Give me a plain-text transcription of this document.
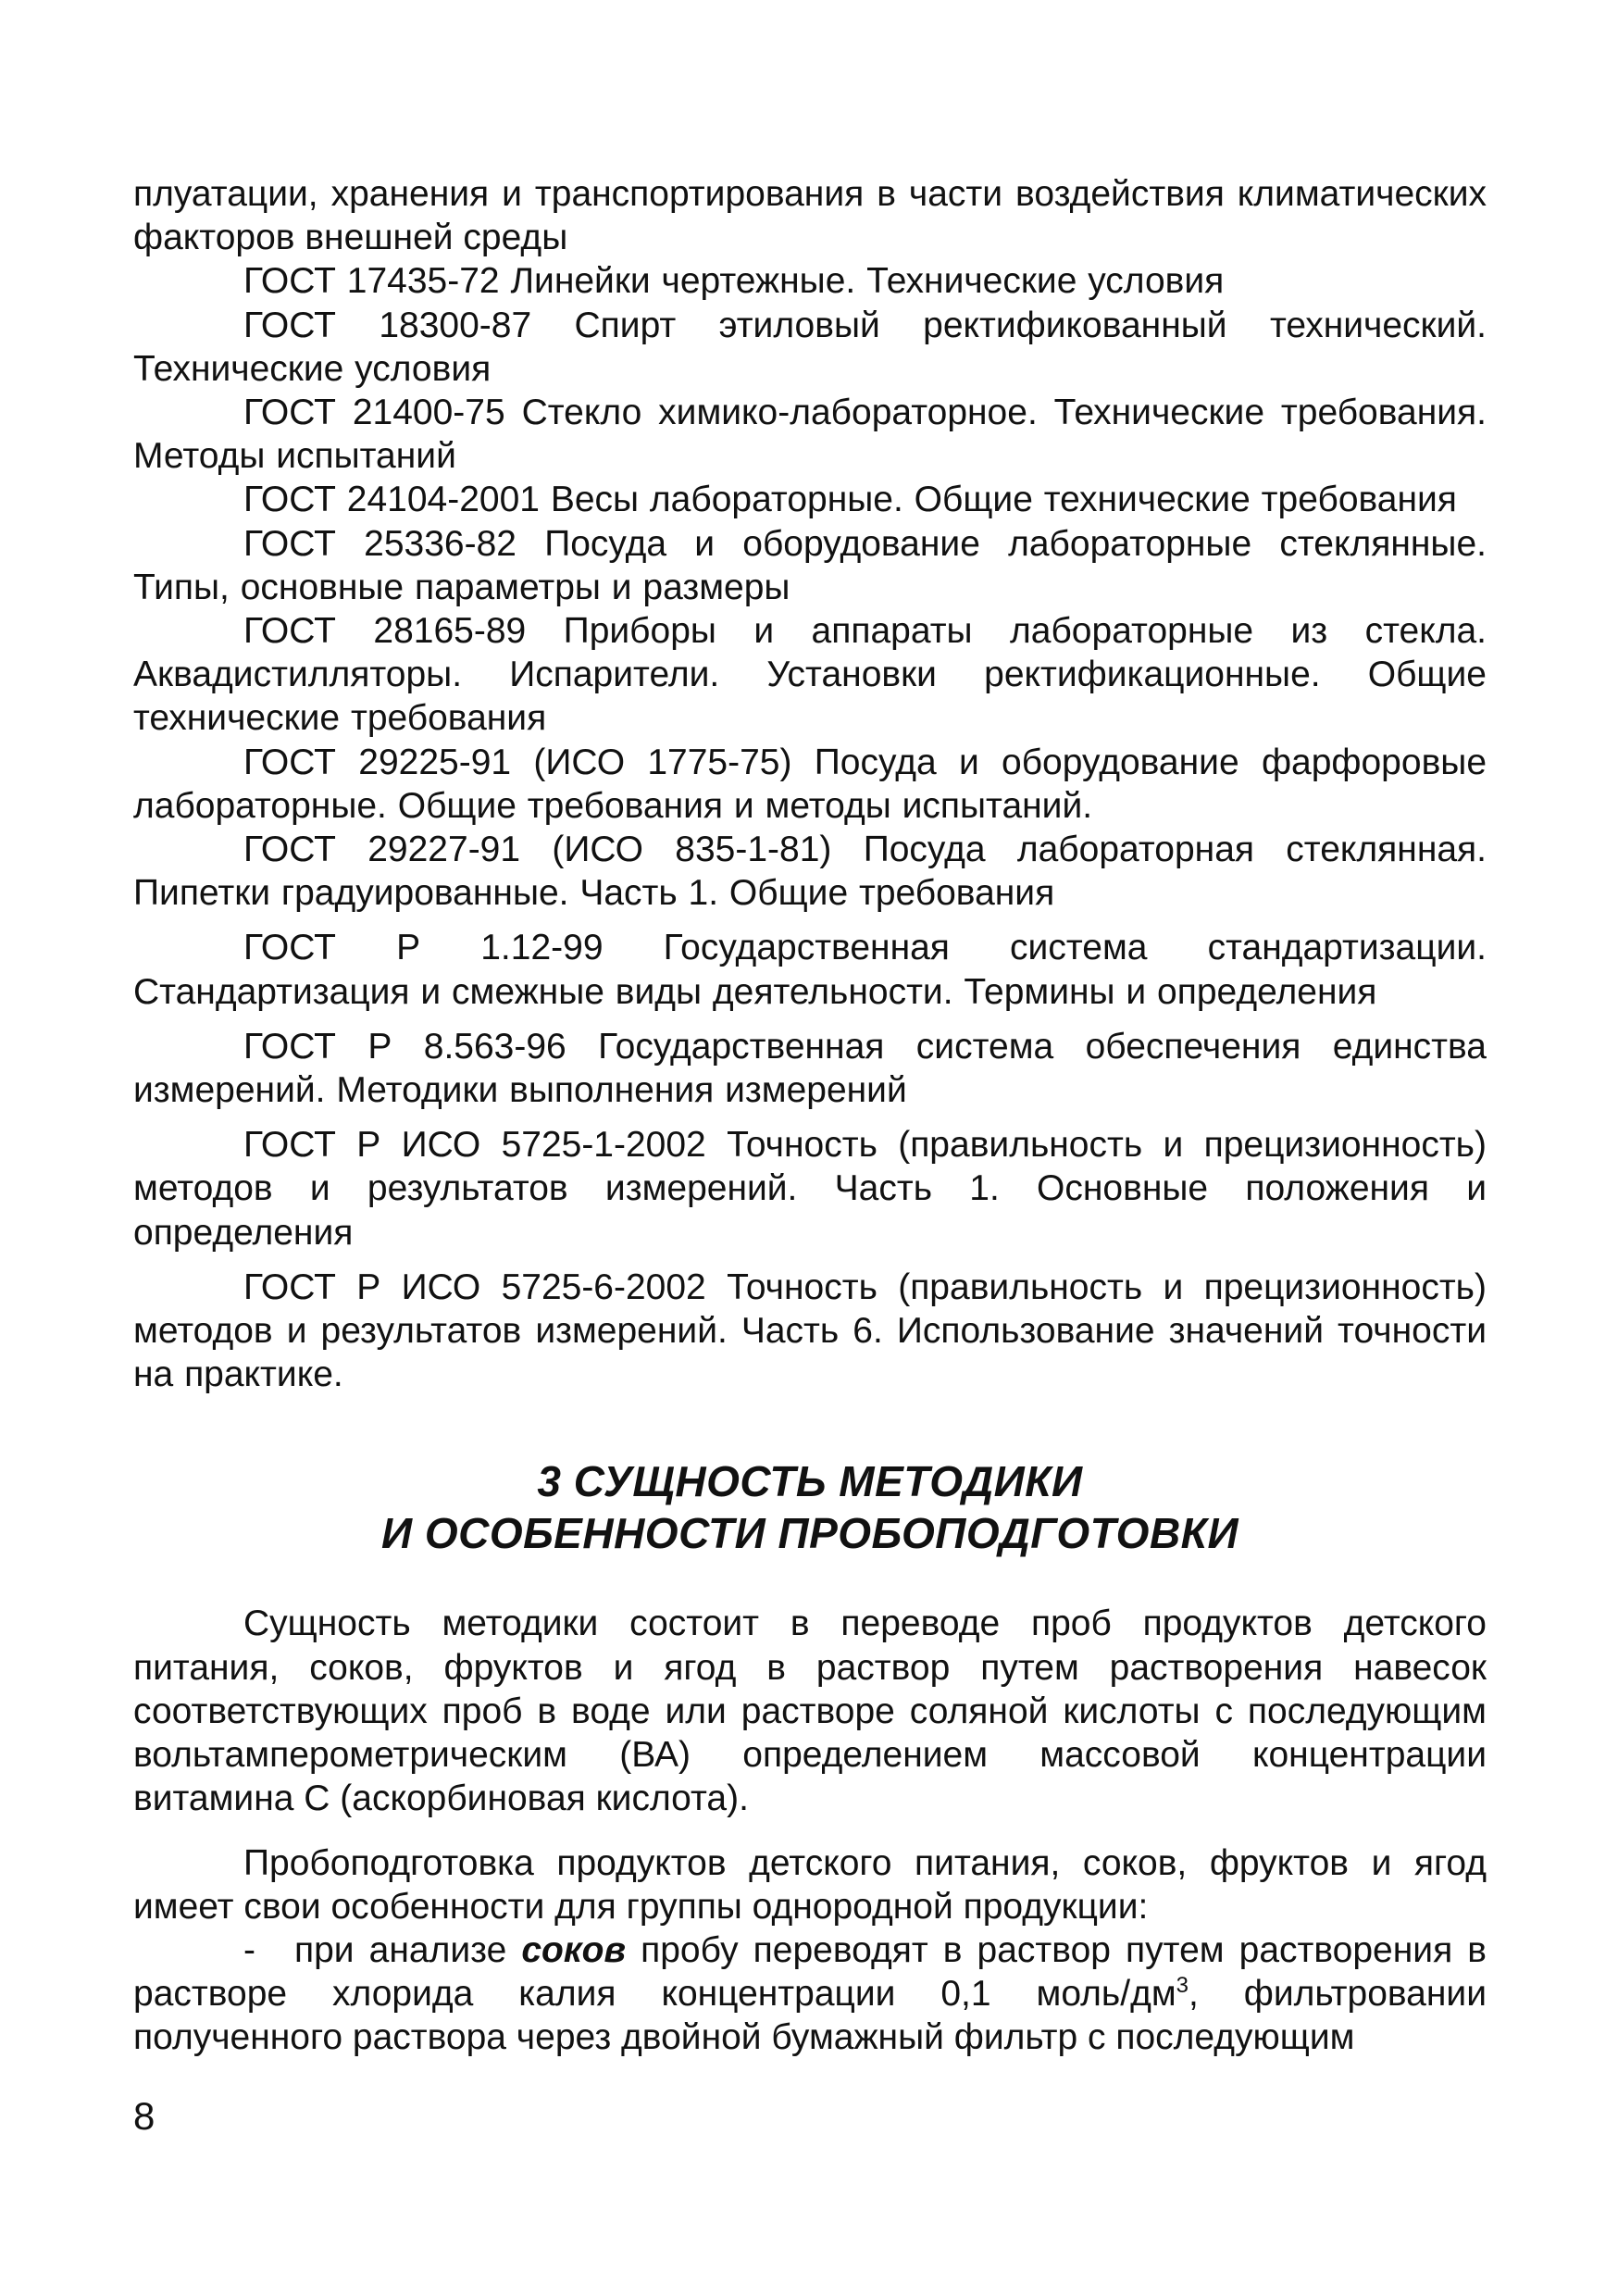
плуатации, хранения и транспортирования в части воздействия климатических факторов внешней среды

ГОСТ 17435-72 Линейки чертежные. Технические условия

ГОСТ 18300-87 Спирт этиловый ректификованный технический. Технические условия

ГОСТ 21400-75 Стекло химико-лабораторное. Технические требования. Методы испытаний

ГОСТ 24104-2001 Весы лабораторные. Общие технические требования

ГОСТ 25336-82 Посуда и оборудование лабораторные стеклянные. Типы, основные параметры и размеры

ГОСТ 28165-89 Приборы и аппараты лабораторные из стекла. Аквадистилляторы. Испарители. Установки ректификационные. Общие технические требования

ГОСТ 29225-91 (ИСО 1775-75) Посуда и оборудование фарфоровые лабораторные. Общие требования и методы испытаний.

ГОСТ 29227-91 (ИСО 835-1-81) Посуда лабораторная стеклянная. Пипетки градуированные. Часть 1. Общие требования

ГОСТ Р 1.12-99 Государственная система стандартизации. Стандартизация и смежные виды деятельности. Термины и определения

ГОСТ Р 8.563-96 Государственная система обеспечения единства измерений. Методики выполнения измерений

ГОСТ Р ИСО 5725-1-2002 Точность (правильность и прецизионность) методов и результатов измерений. Часть 1. Основные положения и определения

ГОСТ Р ИСО 5725-6-2002 Точность (правильность и прецизионность) методов и результатов измерений. Часть 6. Использование значений точности на практике.

3 СУЩНОСТЬ МЕТОДИКИ
И ОСОБЕННОСТИ ПРОБОПОДГОТОВКИ

Сущность методики состоит в переводе проб продуктов детского питания, соков, фруктов и ягод в раствор путем растворения навесок соответствующих проб в воде или растворе соляной кислоты с последующим вольтамперометрическим (ВА) определением массовой концентрации витамина С (аскорбиновая кислота).

Пробоподготовка продуктов детского питания, соков, фруктов и ягод имеет свои особенности для группы однородной продукции:

- при анализе соков пробу переводят в раствор путем растворения в растворе хлорида калия концентрации 0,1 моль/$дм^3$, фильтровании полученного раствора через двойной бумажный фильтр с последующим

8
